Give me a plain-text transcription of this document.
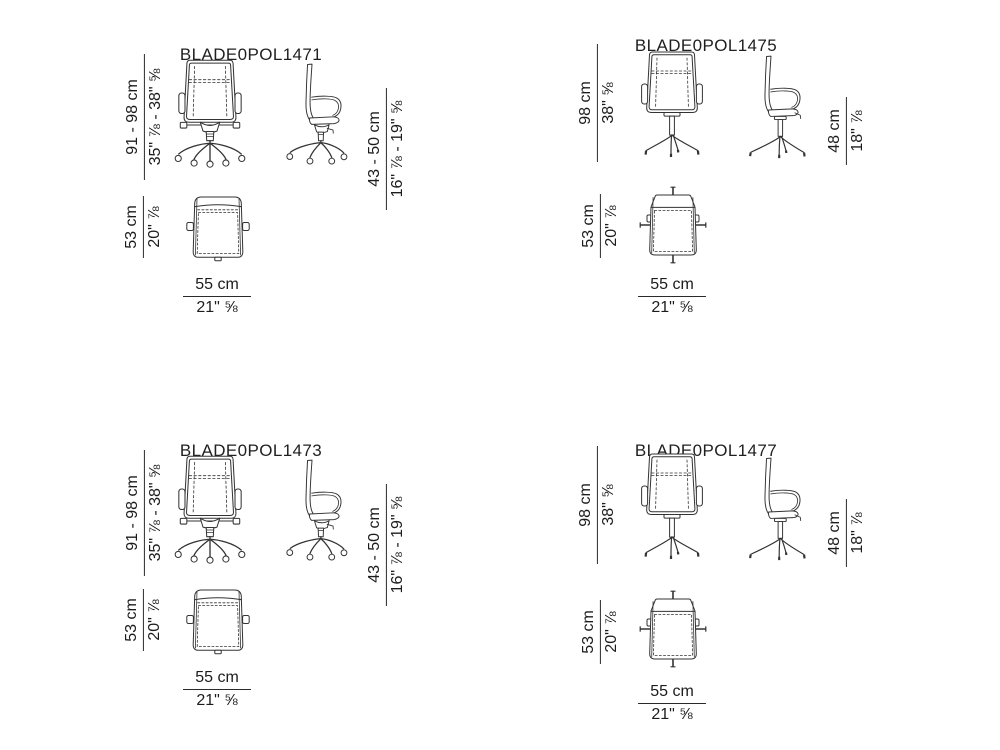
BLADE0POL1471
91 - 98 cm 35" ⅞ - 38" ⅝	43 - 50 cm 16" ⅞ - 19" ⅝
53 cm 20" ⅞
55 cm
21" ⅝
BLADE0POL1475
98 cm 38" ⅝
48 cm 18" ⅞
53 cm 20" ⅞
55 cm
21" ⅝
BLADE0POL1473
91 - 98 cm 35" ⅞ - 38" ⅝	43 - 50 cm 16" ⅞ - 19" ⅝
53 cm 20" ⅞
55 cm
21" ⅝
BLADE0POL1477
98 cm 38" ⅝
48 cm 18" ⅞
53 cm 20" ⅞
55 cm
21" ⅝
